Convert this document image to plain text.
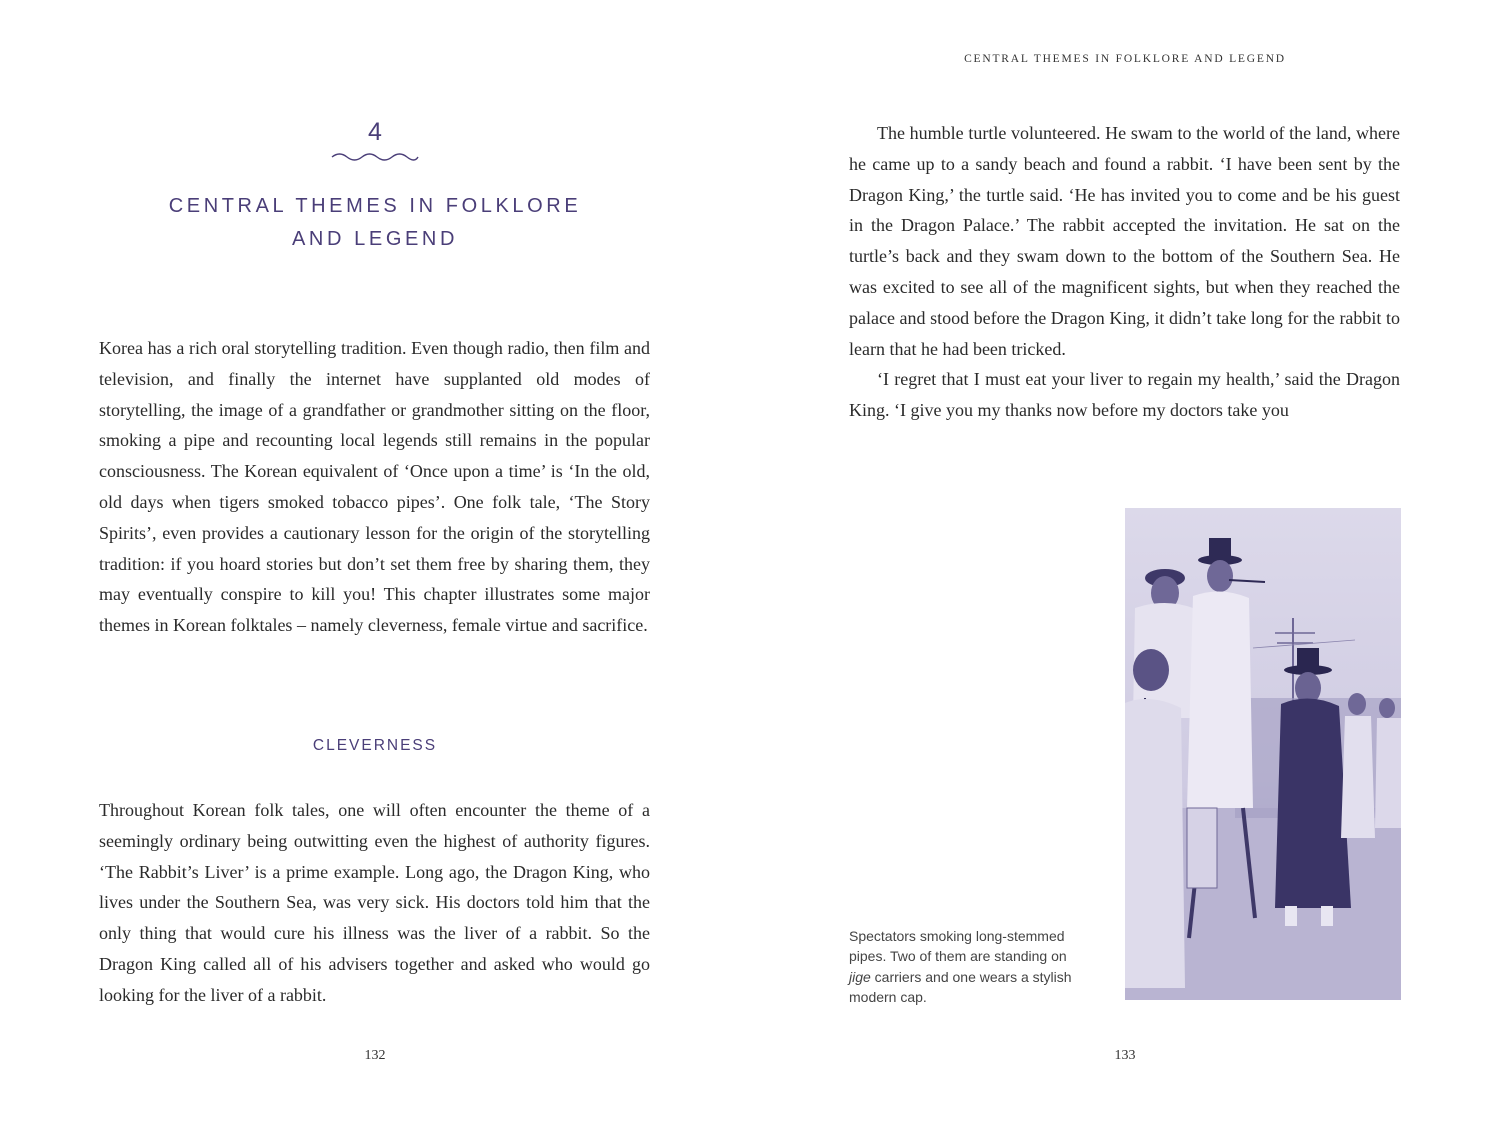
4
CENTRAL THEMES IN FOLKLORE
AND LEGEND

Korea has a rich oral storytelling tradition. Even though radio, then film and television, and finally the internet have supplanted old modes of storytelling, the image of a grandfather or grandmother sitting on the floor, smoking a pipe and recounting local legends still remains in the popular consciousness. The Korean equivalent of ‘Once upon a time’ is ‘In the old, old days when tigers smoked tobacco pipes’. One folk tale, ‘The Story Spirits’, even provides a cautionary lesson for the origin of the storytelling tradition: if you hoard stories but don’t set them free by sharing them, they may eventually conspire to kill you! This chapter illustrates some major themes in Korean folktales – namely cleverness, female virtue and sacrifice.

CLEVERNESS

Throughout Korean folk tales, one will often encounter the theme of a seemingly ordinary being outwitting even the highest of authority figures. ‘The Rabbit’s Liver’ is a prime example. Long ago, the Dragon King, who lives under the Southern Sea, was very sick. His doctors told him that the only thing that would cure his illness was the liver of a rabbit. So the Dragon King called all of his advisers together and asked who would go looking for the liver of a rabbit.

132
CENTRAL THEMES IN FOLKLORE AND LEGEND

The humble turtle volunteered. He swam to the world of the land, where he came up to a sandy beach and found a rabbit. ‘I have been sent by the Dragon King,’ the turtle said. ‘He has invited you to come and be his guest in the Dragon Palace.’ The rabbit accepted the invitation. He sat on the turtle’s back and they swam down to the bottom of the Southern Sea. He was excited to see all of the magnificent sights, but when they reached the palace and stood before the Dragon King, it didn’t take long for the rabbit to learn that he had been tricked.

‘I regret that I must eat your liver to regain my health,’ said the Dragon King. ‘I give you my thanks now before my doctors take you

Spectators smoking long-stemmed pipes. Two of them are standing on jige carriers and one wears a stylish modern cap.
133
